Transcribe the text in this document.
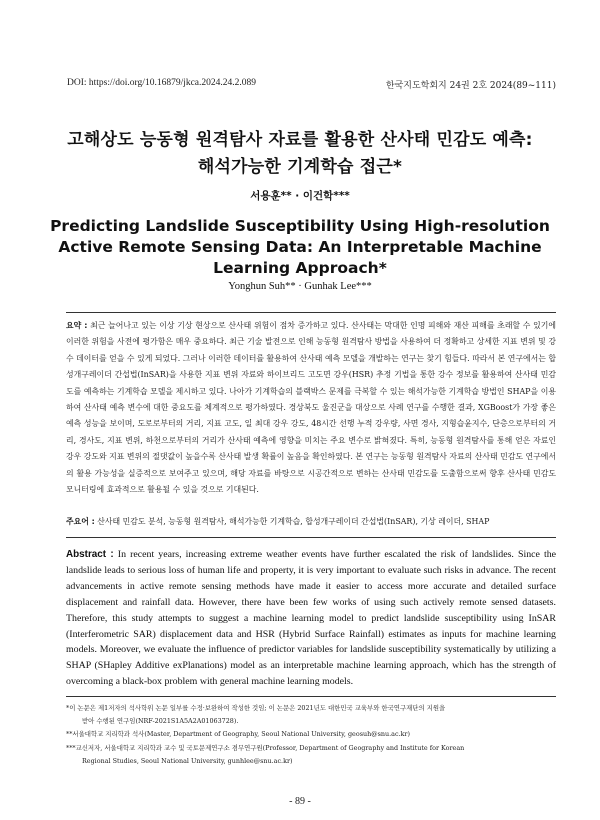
DOI: https://doi.org/10.16879/jkca.2024.24.2.089	한국지도학회지 24권 2호 2024(89~111)
고해상도 능동형 원격탐사 자료를 활용한 산사태 민감도 예측:
해석가능한 기계학습 접근*
서용훈** · 이건학***
Predicting Landslide Susceptibility Using High-resolution
Active Remote Sensing Data: An Interpretable Machine
Learning Approach*
Yonghun Suh** · Gunhak Lee***
요약 : 최근 늘어나고 있는 이상 기상 현상으로 산사태 위험이 점차 증가하고 있다. 산사태는 막대한 인명 피해와 재산 피해를 초래할 수 있기에 이러한 위험을 사전에 평가함은 매우 중요하다. 최근 기술 발전으로 인해 능동형 원격탐사 방법을 사용하여 더 정확하고 상세한 지표 변위 및 강수 데이터를 얻을 수 있게 되었다. 그러나 이러한 데이터를 활용하여 산사태 예측 모델을 개발하는 연구는 찾기 힘들다. 따라서 본 연구에서는 합성개구레이더 간섭법(InSAR)을 사용한 지표 변위 자료와 하이브리드 고도면 강우(HSR) 추정 기법을 통한 강수 정보를 활용하여 산사태 민감도를 예측하는 기계학습 모델을 제시하고 있다. 나아가 기계학습의 블랙박스 문제를 극복할 수 있는 해석가능한 기계학습 방법인 SHAP을 이용하여 산사태 예측 변수에 대한 중요도를 체계적으로 평가하였다. 경상북도 울진군을 대상으로 사례 연구를 수행한 결과, XGBoost가 가장 좋은 예측 성능을 보이며, 도로로부터의 거리, 지표 고도, 일 최대 강우 강도, 48시간 선행 누적 강우량, 사면 경사, 지형습윤지수, 단층으로부터의 거리, 경사도, 지표 변위, 하천으로부터의 거리가 산사태 예측에 영향을 미치는 주요 변수로 밝혀졌다. 특히, 능동형 원격탐사를 통해 얻은 자료인 강우 강도와 지표 변위의 절댓값이 높을수록 산사태 발생 확률이 높음을 확인하였다. 본 연구는 능동형 원격탐사 자료의 산사태 민감도 연구에서의 활용 가능성을 실증적으로 보여주고 있으며, 해당 자료를 바탕으로 시공간적으로 변하는 산사태 민감도를 도출함으로써 향후 산사태 민감도 모니터링에 효과적으로 활용될 수 있을 것으로 기대된다.
주요어 : 산사태 민감도 분석, 능동형 원격탐사, 해석가능한 기계학습, 합성개구레이더 간섭법(InSAR), 기상 레이더, SHAP
Abstract : In recent years, increasing extreme weather events have further escalated the risk of landslides. Since the landslide leads to serious loss of human life and property, it is very important to evaluate such risks in advance. The recent advancements in active remote sensing methods have made it easier to access more accurate and detailed surface displacement and rainfall data. However, there have been few works of using such actively remote sensed datasets. Therefore, this study attempts to suggest a machine learning model to predict landslide susceptibility using InSAR (Interferometric SAR) displacement data and HSR (Hybrid Surface Rainfall) estimates as inputs for machine learning models. Moreover, we evaluate the influence of predictor variables for landslide susceptibility systematically by utilizing a SHAP (SHapley Additive exPlanations) model as an interpretable machine learning approach, which has the strength of overcoming a black-box problem with general machine learning models.

*이 논문은 제1저자의 석사학위 논문 일부를 수정·보완하여 작성한 것임; 이 논문은 2021년도 대한민국 교육부와 한국연구재단의 지원을

받아 수행된 연구임(NRF-2021S1A5A2A01063728).

**서울대학교 지리학과 석사(Master, Department of Geography, Seoul National University, geosuh@snu.ac.kr)

***교신저자, 서울대학교 지리학과 교수 및 국토문제연구소 겸무연구원(Professor, Department of Geography and Institute for Korean

Regional Studies, Seoul National University, gunhlee@snu.ac.kr)

- 89 -
